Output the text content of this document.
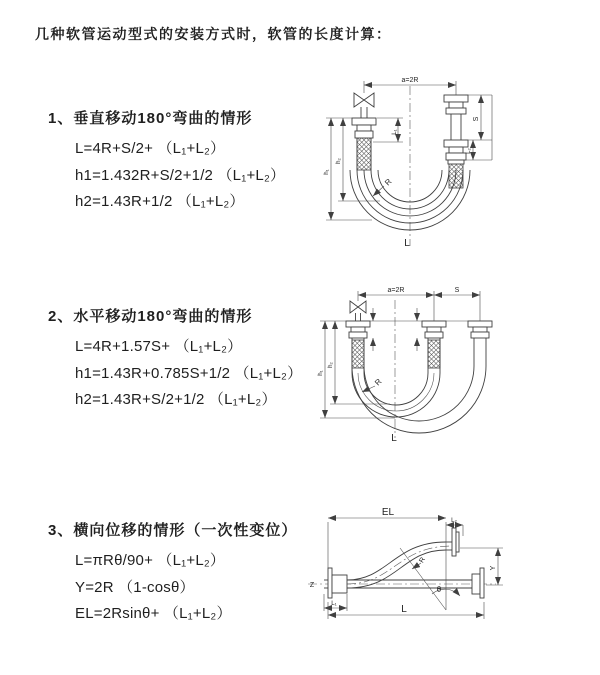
几种软管运动型式的安装方式时，软管的长度计算：
1、垂直移动180°弯曲的情形
L=4R+S/2+ （L₁+L₂）
h1=1.432R+S/2+1/2 （L₁+L₂）
h2=1.43R+1/2 （L₁+L₂）
2、水平移动180°弯曲的情形
L=4R+1.57S+ （L₁+L₂）
h1=1.43R+0.785S+1/2 （L₁+L₂）
h2=1.43R+S/2+1/2 （L₁+L₂）
3、横向位移的情形（一次性变位）
L=πRθ/90+ （L₁+L₂）
Y=2R （1-cosθ）
EL=2Rsinθ+ （L₁+L₂）
a=2R
L₁
S
L₂
h₁
h₂
R
L
a=2R	S
h₁
h₂
R
L
EL
L₂
Y
R
θ
L₁
L
Z
